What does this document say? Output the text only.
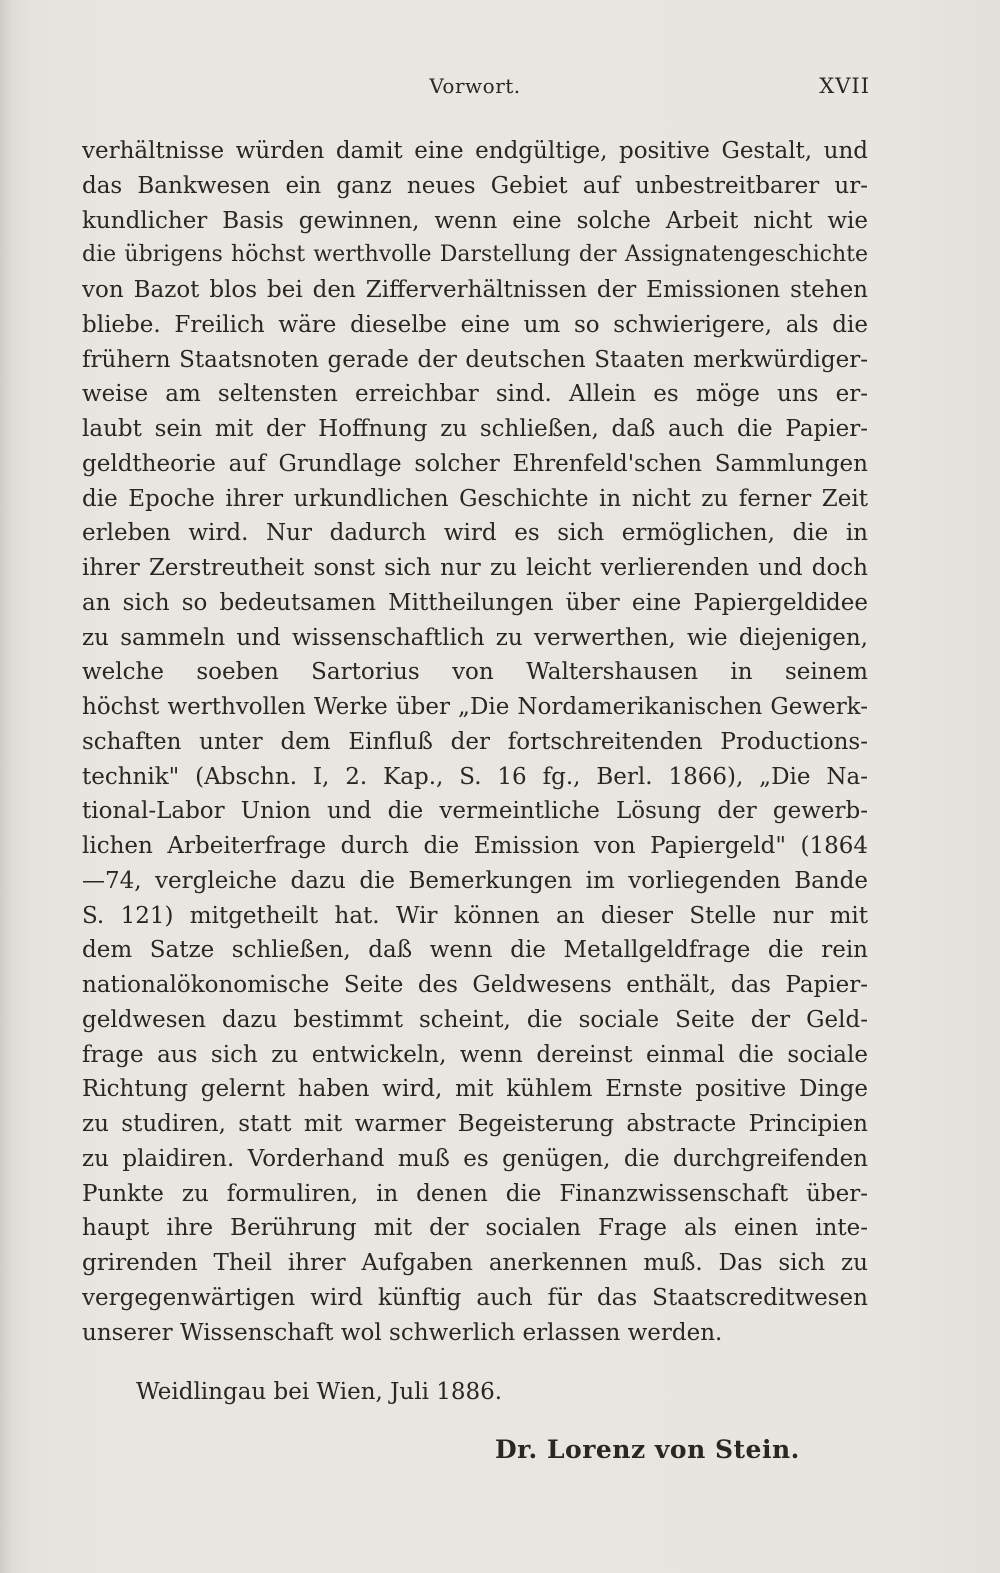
Vorwort.	XVII
verhältnisse würden damit eine endgültige, positive Gestalt, und
das Bankwesen ein ganz neues Gebiet auf unbestreitbarer ur-
kundlicher Basis gewinnen, wenn eine solche Arbeit nicht wie
die übrigens höchst werthvolle Darstellung der Assignatengeschichte
von Bazot blos bei den Zifferverhältnissen der Emissionen stehen
bliebe. Freilich wäre dieselbe eine um so schwierigere, als die
frühern Staatsnoten gerade der deutschen Staaten merkwürdiger-
weise am seltensten erreichbar sind. Allein es möge uns er-
laubt sein mit der Hoffnung zu schließen, daß auch die Papier-
geldtheorie auf Grundlage solcher Ehrenfeld'schen Sammlungen
die Epoche ihrer urkundlichen Geschichte in nicht zu ferner Zeit
erleben wird. Nur dadurch wird es sich ermöglichen, die in
ihrer Zerstreutheit sonst sich nur zu leicht verlierenden und doch
an sich so bedeutsamen Mittheilungen über eine Papiergeldidee
zu sammeln und wissenschaftlich zu verwerthen, wie diejenigen,
welche soeben Sartorius von Waltershausen in seinem
höchst werthvollen Werke über „Die Nordamerikanischen Gewerk-
schaften unter dem Einfluß der fortschreitenden Productions-
technik" (Abschn. I, 2. Kap., S. 16 fg., Berl. 1866), „Die Na-
tional-Labor Union und die vermeintliche Lösung der gewerb-
lichen Arbeiterfrage durch die Emission von Papiergeld" (1864
—74, vergleiche dazu die Bemerkungen im vorliegenden Bande
S. 121) mitgetheilt hat. Wir können an dieser Stelle nur mit
dem Satze schließen, daß wenn die Metallgeldfrage die rein
nationalökonomische Seite des Geldwesens enthält, das Papier-
geldwesen dazu bestimmt scheint, die sociale Seite der Geld-
frage aus sich zu entwickeln, wenn dereinst einmal die sociale
Richtung gelernt haben wird, mit kühlem Ernste positive Dinge
zu studiren, statt mit warmer Begeisterung abstracte Principien
zu plaidiren. Vorderhand muß es genügen, die durchgreifenden
Punkte zu formuliren, in denen die Finanzwissenschaft über-
haupt ihre Berührung mit der socialen Frage als einen inte-
grirenden Theil ihrer Aufgaben anerkennen muß. Das sich zu
vergegenwärtigen wird künftig auch für das Staatscreditwesen
unserer Wissenschaft wol schwerlich erlassen werden.
Weidlingau bei Wien, Juli 1886.
Dr. Lorenz von Stein.
